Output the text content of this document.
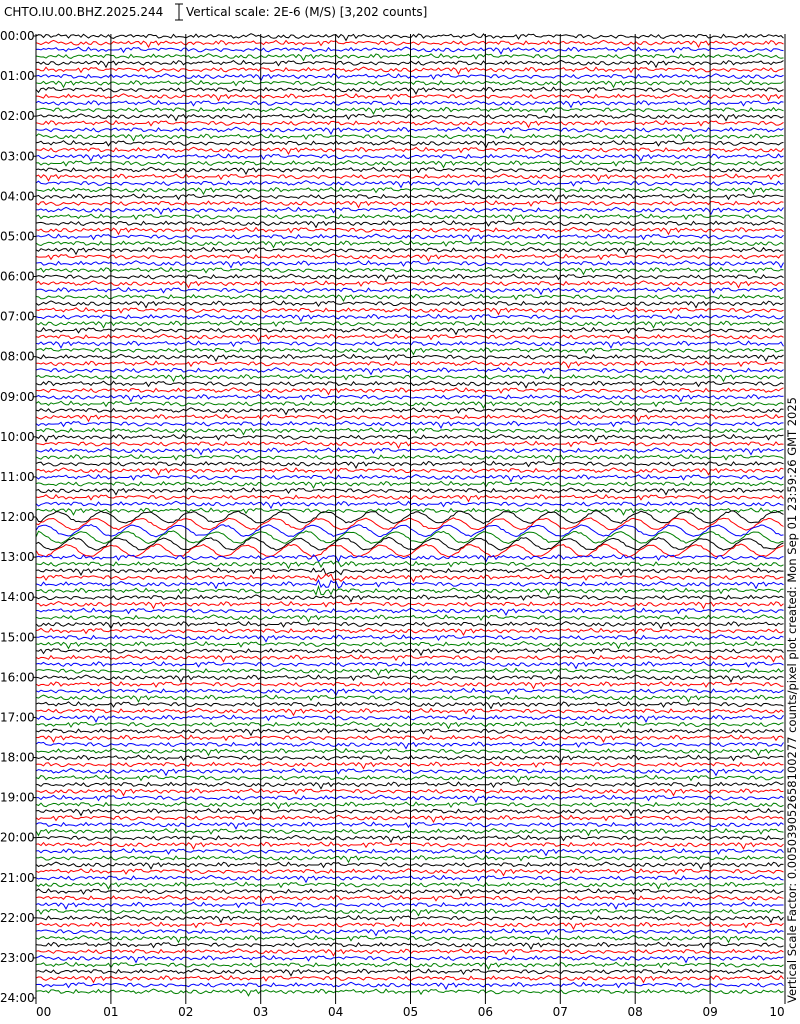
00:00
01:00
02:00
03:00
04:00
05:00
06:00
07:00
08:00
09:00
10:00
11:00
12:00
13:00
14:00
15:00
16:00
17:00
18:00
19:00
20:00
21:00
22:00
23:00
24:00
00	01	02	03	04	05	06	07	08	09	10
CHTO.IU.00.BHZ.2025.244 Vertical scale: 2E-6 (M/S) [3,202 counts]
Vertical Scale Factor: 0.005039052658100277 counts/pixel plot created: Mon Sep 01 23:59:26 GMT 2025
